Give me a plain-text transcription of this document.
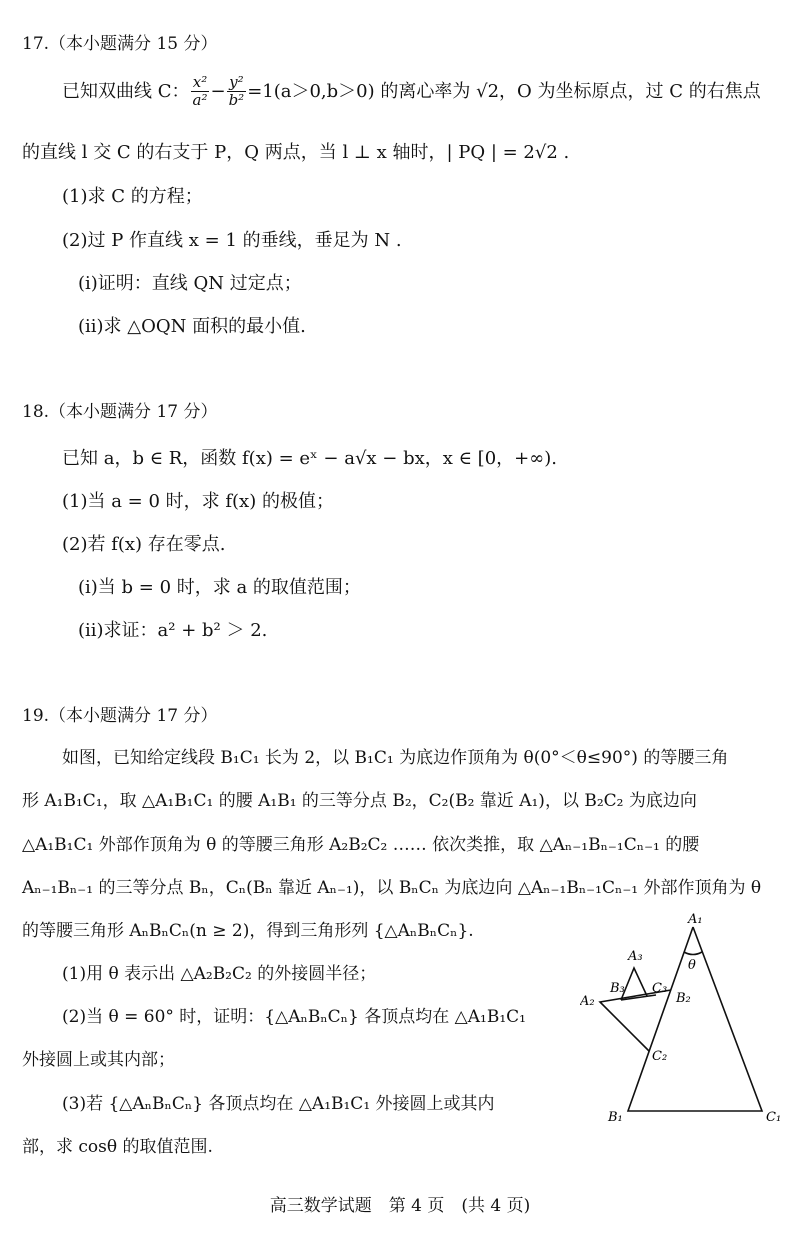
17.（本小题满分 15 分）
已知双曲线 C： $\frac{\text{x²}}{\text{a²}} - \frac{\text{y²}}{\text{b²}} =1(a>0,b>0)$ 的离心率为 √2，O 为坐标原点，过 C 的右焦点
的直线 l 交 C 的右支于 P，Q 两点，当 l ⊥ x 轴时，| PQ | = 2√2 .
(1)求 C 的方程；
(2)过 P 作直线 x = 1 的垂线，垂足为 N .
(i)证明：直线 QN 过定点；
(ii)求 △OQN 面积的最小值.
18.（本小题满分 17 分）
已知 a，b ∈ R，函数 f(x) = eˣ − a√x − bx，x ∈ [0，+∞).
(1)当 a = 0 时，求 f(x) 的极值；
(2)若 f(x) 存在零点.
(i)当 b = 0 时，求 a 的取值范围；
(ii)求证：a² + b² ＞ 2.
19.（本小题满分 17 分）
如图，已知给定线段 B₁C₁ 长为 2，以 B₁C₁ 为底边作顶角为 θ(0°＜θ≤90°) 的等腰三角
形 A₁B₁C₁，取 △A₁B₁C₁ 的腰 A₁B₁ 的三等分点 B₂，C₂(B₂ 靠近 A₁)，以 B₂C₂ 为底边向
△A₁B₁C₁ 外部作顶角为 θ 的等腰三角形 A₂B₂C₂ …… 依次类推，取 △Aₙ₋₁Bₙ₋₁Cₙ₋₁ 的腰
Aₙ₋₁Bₙ₋₁ 的三等分点 Bₙ，Cₙ(Bₙ 靠近 Aₙ₋₁)，以 BₙCₙ 为底边向 △Aₙ₋₁Bₙ₋₁Cₙ₋₁ 外部作顶角为 θ
的等腰三角形 AₙBₙCₙ(n ≥ 2)，得到三角形列 {△AₙBₙCₙ}.
(1)用 θ 表示出 △A₂B₂C₂ 的外接圆半径；
(2)当 θ = 60° 时，证明：{△AₙBₙCₙ} 各顶点均在 △A₁B₁C₁
外接圆上或其内部；
(3)若 {△AₙBₙCₙ} 各顶点均在 △A₁B₁C₁ 外接圆上或其内
部，求 cosθ 的取值范围.
A₁
θ
A₃
B₃ C₃
A₂	B₂
C₂
B₁	C₁
高三数学试题　第 4 页　(共 4 页)
